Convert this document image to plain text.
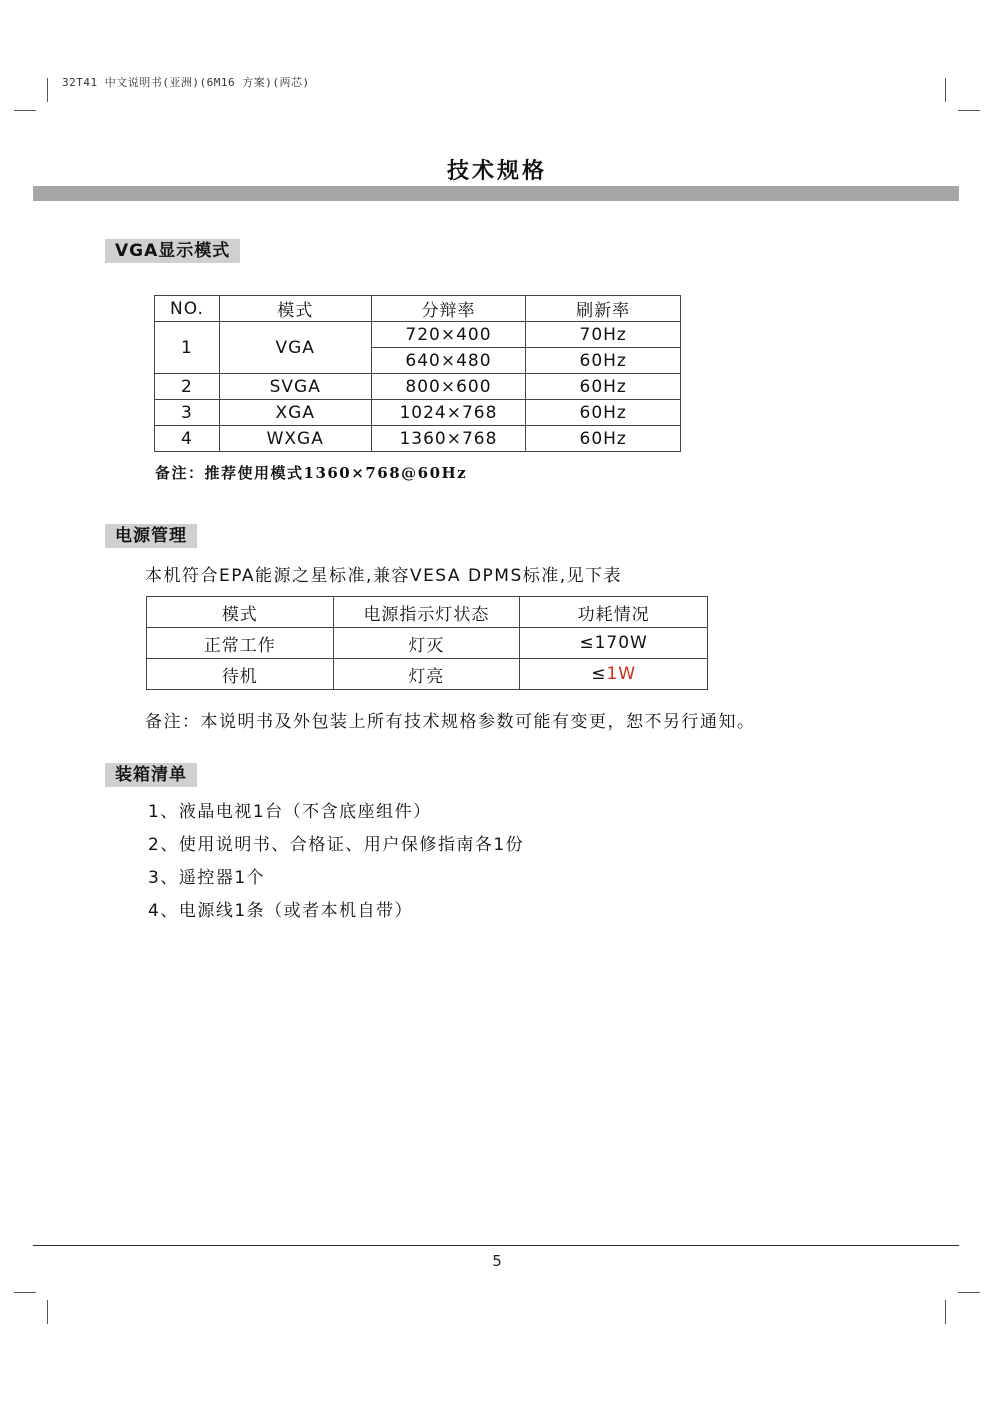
32T41 中文说明书(亚洲)(6M16 方案)(两芯)
技术规格
VGA显示模式
NO.	模式	分辩率	刷新率
1	VGA	720×400	70Hz
		640×480	60Hz
2	SVGA	800×600	60Hz
3	XGA	1024×768	60Hz
4	WXGA	1360×768	60Hz
备注：推荐使用模式1360×768@60Hz
电源管理
本机符合EPA能源之星标准,兼容VESA DPMS标准,见下表
模式	电源指示灯状态	功耗情况
正常工作	灯灭	≤170W
待机	灯亮	≤1W
备注：本说明书及外包装上所有技术规格参数可能有变更，恕不另行通知。
装箱清单
1、液晶电视1台（不含底座组件）
2、使用说明书、合格证、用户保修指南各1份
3、遥控器1个
4、电源线1条（或者本机自带）
5
